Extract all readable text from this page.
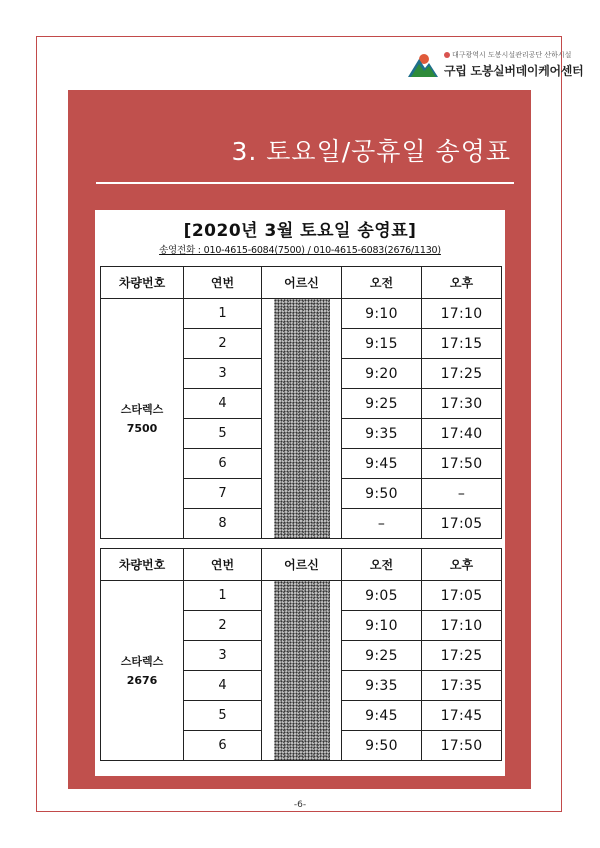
대구광역시 도봉시설관리공단 산하시설
구립 도봉실버데이케어센터
3. 토요일/공휴일 송영표
[2020년 3월 토요일 송영표]
송영전화 : 010-4615-6084(7500) / 010-4615-6083(2676/1130)
차량번호	연번	어르신	오전	오후
스타렉스
7500	1		9:10	17:10
	2		9:15	17:15
	3		9:20	17:25
	4		9:25	17:30
	5		9:35	17:40
	6		9:45	17:50
	7		9:50	–
	8		–	17:05
차량번호	연번	어르신	오전	오후
스타렉스
2676	1		9:05	17:05
	2		9:10	17:10
	3		9:25	17:25
	4		9:35	17:35
	5		9:45	17:45
	6		9:50	17:50
-6-
